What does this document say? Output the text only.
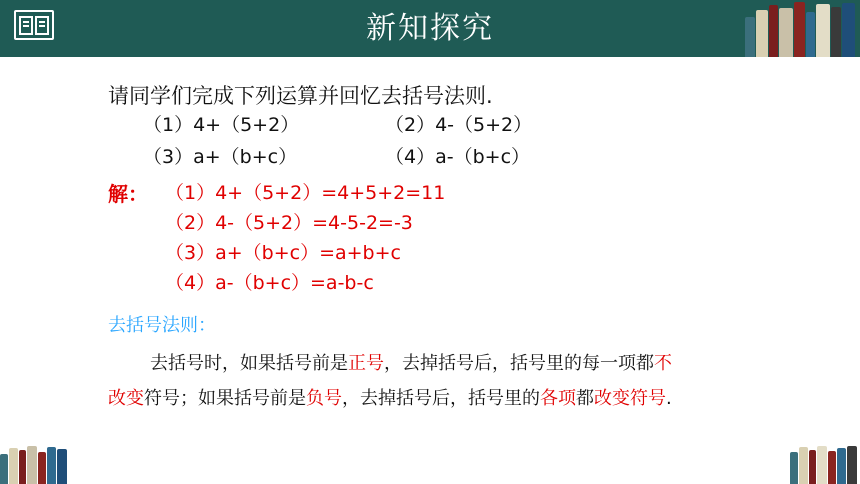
新知探究
请同学们完成下列运算并回忆去括号法则.
（1）4+（5+2）	（2）4-（5+2）
（3）a+（b+c）	（4）a-（b+c）
解： （1）4+（5+2）=4+5+2=11
（2）4-（5+2）=4-5-2=-3
（3）a+（b+c）=a+b+c
（4）a-（b+c）=a-b-c
去括号法则：
去括号时，如果括号前是正号，去掉括号后，括号里的每一项都不
改变符号；如果括号前是负号，去掉括号后，括号里的各项都改变符号.
